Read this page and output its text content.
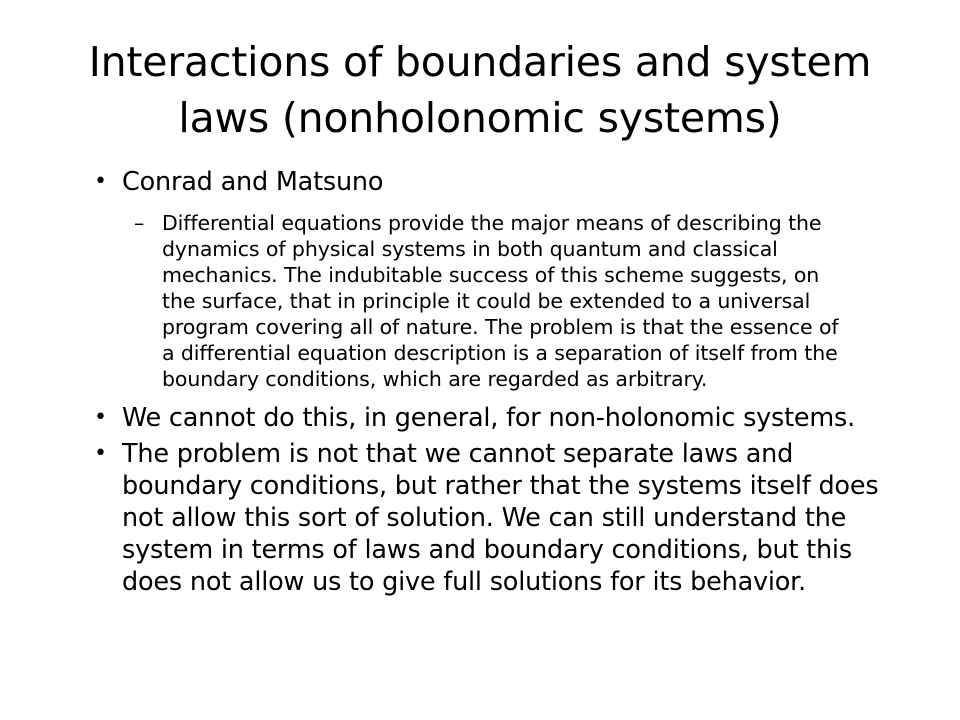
Interactions of boundaries and system laws (nonholonomic systems)
• Conrad and Matsuno
– Differential equations provide the major means of describing the dynamics of physical systems in both quantum and classical mechanics. The indubitable success of this scheme suggests, on the surface, that in principle it could be extended to a universal program covering all of nature. The problem is that the essence of a differential equation description is a separation of itself from the boundary conditions, which are regarded as arbitrary.
• We cannot do this, in general, for non-holonomic systems.
• The problem is not that we cannot separate laws and boundary conditions, but rather that the systems itself does not allow this sort of solution. We can still understand the system in terms of laws and boundary conditions, but this does not allow us to give full solutions for its behavior.
